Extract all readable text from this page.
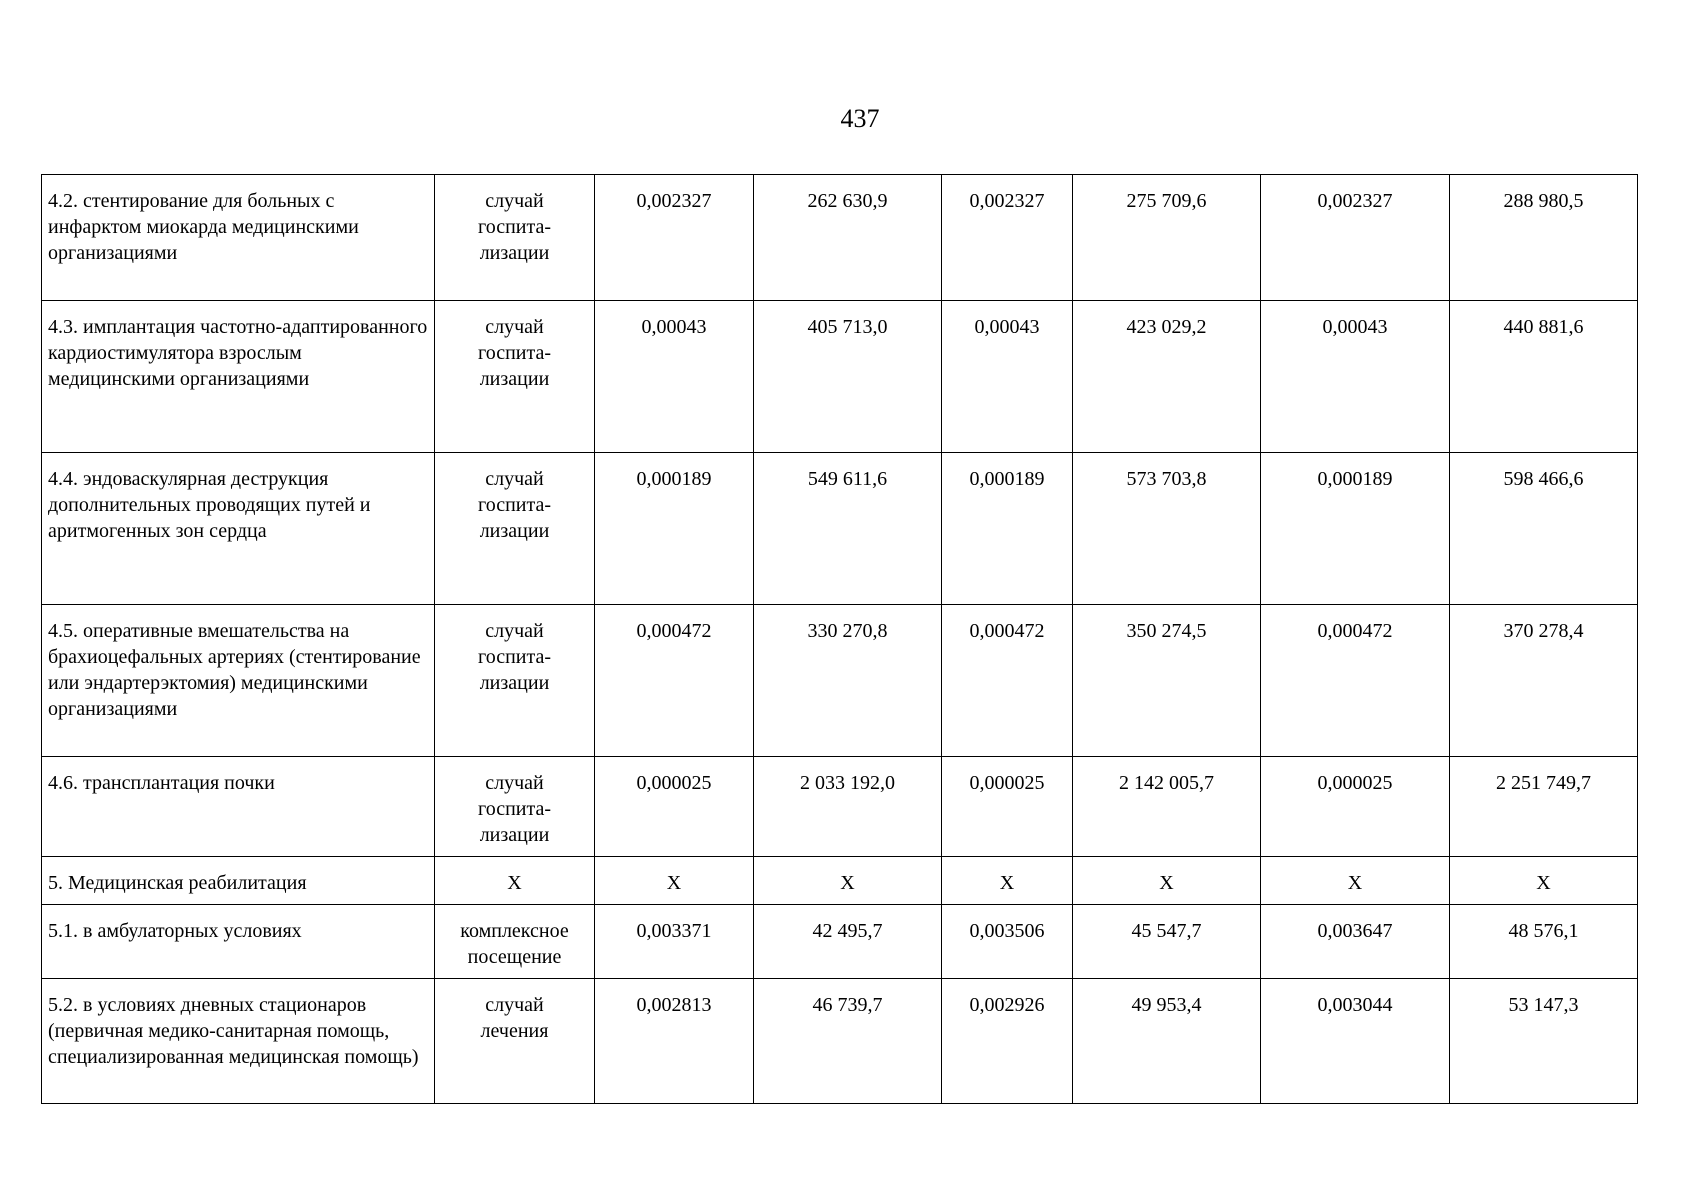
437
4.2. стентирование для больных с инфарктом миокарда медицинскими организациями	случай
госпита-
лизации	0,002327	262 630,9	0,002327	275 709,6	0,002327	288 980,5
4.3. имплантация частотно-адаптированного кардиостимулятора взрослым медицинскими организациями	случай
госпита-
лизации	0,00043	405 713,0	0,00043	423 029,2	0,00043	440 881,6
4.4. эндоваскулярная деструкция дополнительных проводящих путей и аритмогенных зон сердца	случай
госпита-
лизации	0,000189	549 611,6	0,000189	573 703,8	0,000189	598 466,6
4.5. оперативные вмешательства на брахиоцефальных артериях (стентирование или эндартерэктомия) медицинскими организациями	случай
госпита-
лизации	0,000472	330 270,8	0,000472	350 274,5	0,000472	370 278,4
4.6. трансплантация почки	случай
госпита-
лизации	0,000025	2 033 192,0	0,000025	2 142 005,7	0,000025	2 251 749,7
5. Медицинская реабилитация	X	X	X	X	X	X	X
5.1. в амбулаторных условиях	комплексное
посещение	0,003371	42 495,7	0,003506	45 547,7	0,003647	48 576,1
5.2. в условиях дневных стационаров (первичная медико-санитарная помощь, специализированная медицинская помощь)	случай
лечения	0,002813	46 739,7	0,002926	49 953,4	0,003044	53 147,3
